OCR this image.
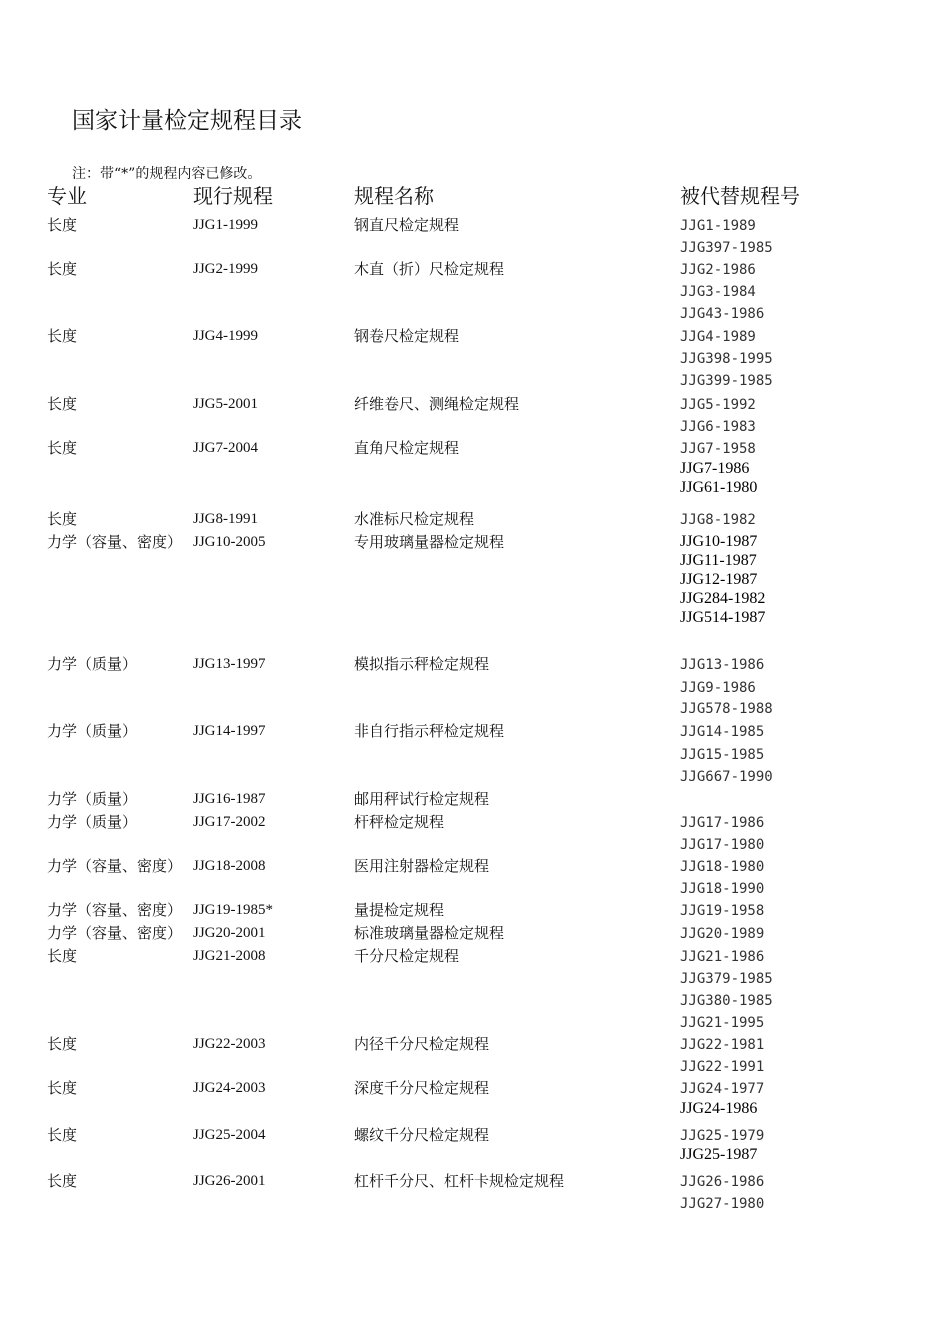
国家计量检定规程目录
注：带“*”的规程内容已修改。
专业	现行规程	规程名称	被代替规程号
长度	JJG1-1999	钢直尺检定规程	JJG1-1989
JJG397-1985
长度	JJG2-1999	木直（折）尺检定规程	JJG2-1986
JJG3-1984
JJG43-1986
长度	JJG4-1999	钢卷尺检定规程	JJG4-1989
JJG398-1995
JJG399-1985
长度	JJG5-2001	纤维卷尺、测绳检定规程	JJG5-1992
JJG6-1983
长度	JJG7-2004	直角尺检定规程	JJG7-1958
JJG7-1986
JJG61-1980
长度	JJG8-1991	水准标尺检定规程	JJG8-1982
力学（容量、密度） JJG10-2005	专用玻璃量器检定规程	JJG10-1987
JJG11-1987
JJG12-1987
JJG284-1982
JJG514-1987
力学（质量）	JJG13-1997	模拟指示秤检定规程	JJG13-1986
JJG9-1986
JJG578-1988
力学（质量）	JJG14-1997	非自行指示秤检定规程	JJG14-1985
JJG15-1985
JJG667-1990
力学（质量）	JJG16-1987	邮用秤试行检定规程
力学（质量）	JJG17-2002	杆秤检定规程	JJG17-1986
JJG17-1980
力学（容量、密度） JJG18-2008	医用注射器检定规程	JJG18-1980
JJG18-1990
力学（容量、密度） JJG19-1985*	量提检定规程	JJG19-1958
力学（容量、密度） JJG20-2001	标准玻璃量器检定规程	JJG20-1989
长度	JJG21-2008	千分尺检定规程	JJG21-1986
JJG379-1985
JJG380-1985
JJG21-1995
长度	JJG22-2003	内径千分尺检定规程	JJG22-1981
JJG22-1991
长度	JJG24-2003	深度千分尺检定规程	JJG24-1977
JJG24-1986
长度	JJG25-2004	螺纹千分尺检定规程	JJG25-1979
JJG25-1987
长度	JJG26-2001	杠杆千分尺、杠杆卡规检定规程	JJG26-1986
JJG27-1980
